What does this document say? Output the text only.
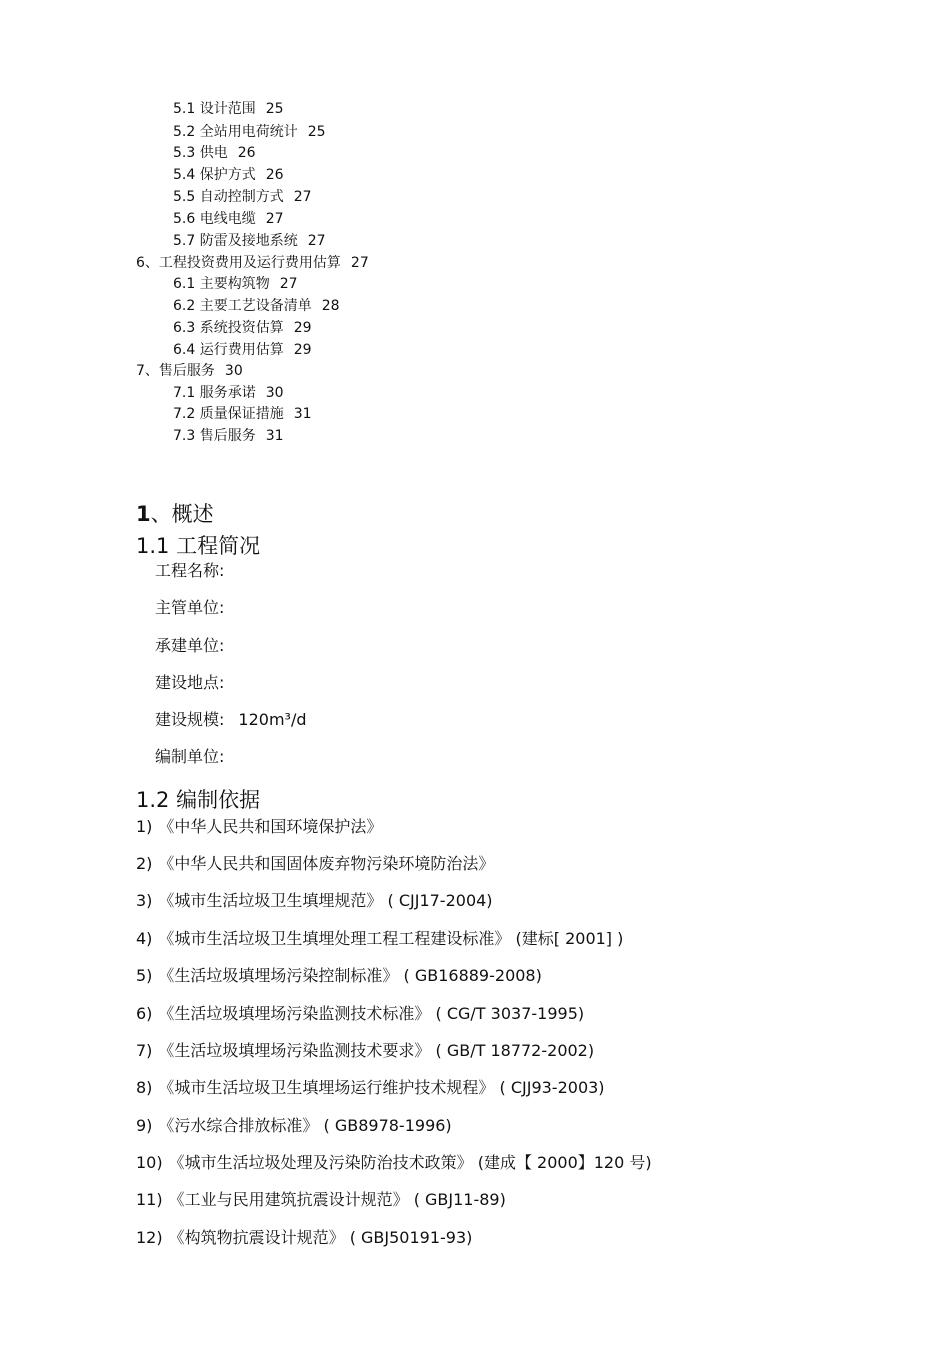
5.1 设计范围 25
5.2 全站用电荷统计 25
5.3 供电 26
5.4 保护方式 26
5.5 自动控制方式 27
5.6 电线电缆 27
5.7 防雷及接地系统 27
6、工程投资费用及运行费用估算 27
6.1 主要构筑物 27
6.2 主要工艺设备清单 28
6.3 系统投资估算 29
6.4 运行费用估算 29
7、售后服务 30
7.1 服务承诺 30
7.2 质量保证措施 31
7.3 售后服务 31
1、概述
1.1 工程简况
工程名称:
主管单位:
承建单位:
建设地点:
建设规模: 120m³/d
编制单位:
1.2 编制依据
1) 《中华人民共和国环境保护法》
2) 《中华人民共和国固体废弃物污染环境防治法》
3) 《城市生活垃圾卫生填埋规范》 ( CJJ17-2004)
4) 《城市生活垃圾卫生填埋处理工程工程建设标准》 (建标[ 2001] )
5) 《生活垃圾填埋场污染控制标准》 ( GB16889-2008)
6) 《生活垃圾填埋场污染监测技术标准》 ( CG/T 3037-1995)
7) 《生活垃圾填埋场污染监测技术要求》 ( GB/T 18772-2002)
8) 《城市生活垃圾卫生填埋场运行维护技术规程》 ( CJJ93-2003)
9) 《污水综合排放标准》 ( GB8978-1996)
10) 《城市生活垃圾处理及污染防治技术政策》 (建成【 2000】120 号)
11) 《工业与民用建筑抗震设计规范》 ( GBJ11-89)
12) 《构筑物抗震设计规范》 ( GBJ50191-93)
